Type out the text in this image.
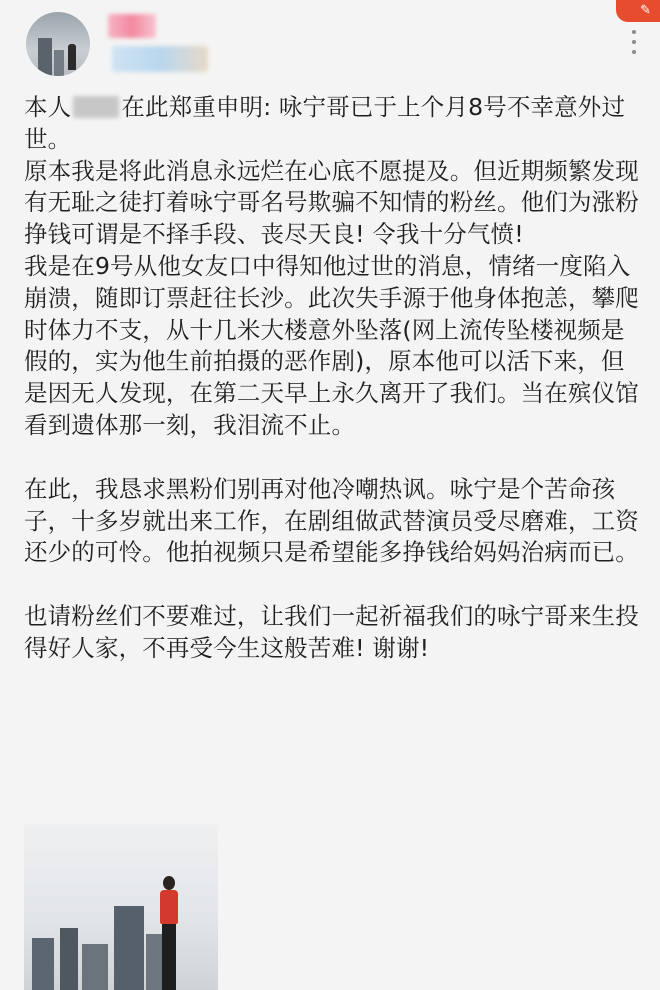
✎

本人 在此郑重申明: 咏宁哥已于上个月8号不幸意外过世。

原本我是将此消息永远烂在心底不愿提及。但近期频繁发现有无耻之徒打着咏宁哥名号欺骗不知情的粉丝。他们为涨粉挣钱可谓是不择手段、丧尽天良! 令我十分气愤!

我是在9号从他女友口中得知他过世的消息，情绪一度陷入崩溃，随即订票赶往长沙。此次失手源于他身体抱恙，攀爬时体力不支，从十几米大楼意外坠落(网上流传坠楼视频是假的，实为他生前拍摄的恶作剧)，原本他可以活下来，但是因无人发现，在第二天早上永久离开了我们。当在殡仪馆看到遗体那一刻，我泪流不止。

在此，我恳求黑粉们别再对他冷嘲热讽。咏宁是个苦命孩子，十多岁就出来工作，在剧组做武替演员受尽磨难，工资还少的可怜。他拍视频只是希望能多挣钱给妈妈治病而已。

也请粉丝们不要难过，让我们一起祈福我们的咏宁哥来生投得好人家，不再受今生这般苦难! 谢谢!
